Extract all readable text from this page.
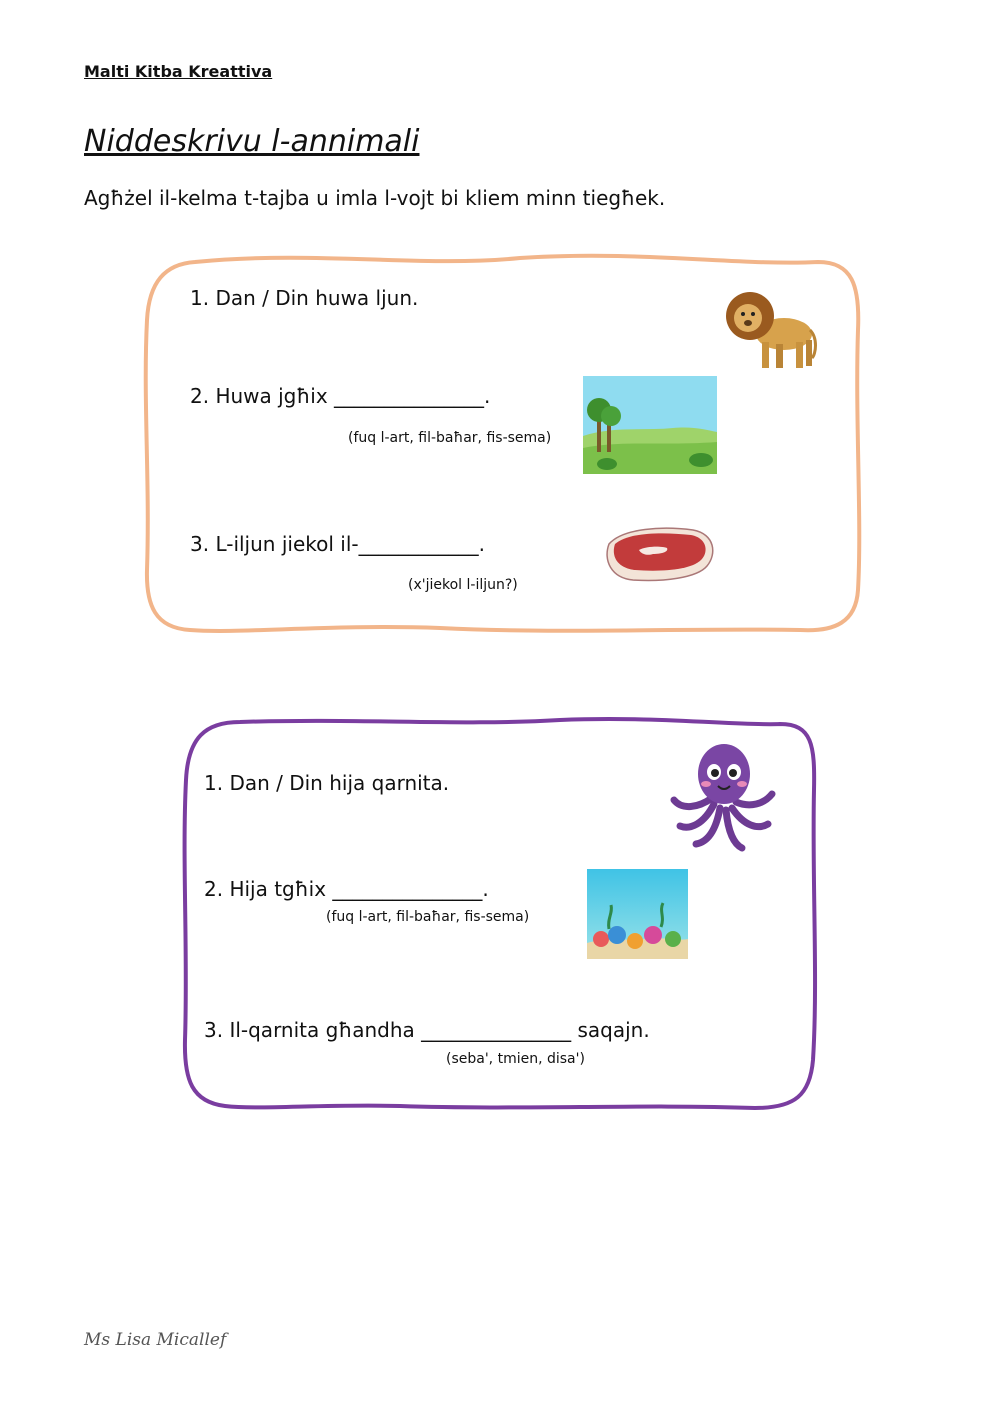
Malti Kitba Kreattiva
Niddeskrivu l-annimali
Agħżel il-kelma t-tajba u imla l-vojt bi kliem minn tiegħek.
1. Dan / Din huwa ljun.
2. Huwa jgħix _______________.
(fuq l-art, fil-baħar, fis-sema)
3. L-iljun jiekol il-____________.
(x'jiekol l-iljun?)
1. Dan / Din hija qarnita.
2. Hija tgħix _______________.
(fuq l-art, fil-baħar, fis-sema)
3. Il-qarnita għandha _______________ saqajn.
(seba', tmien, disa')
Ms Lisa Micallef
